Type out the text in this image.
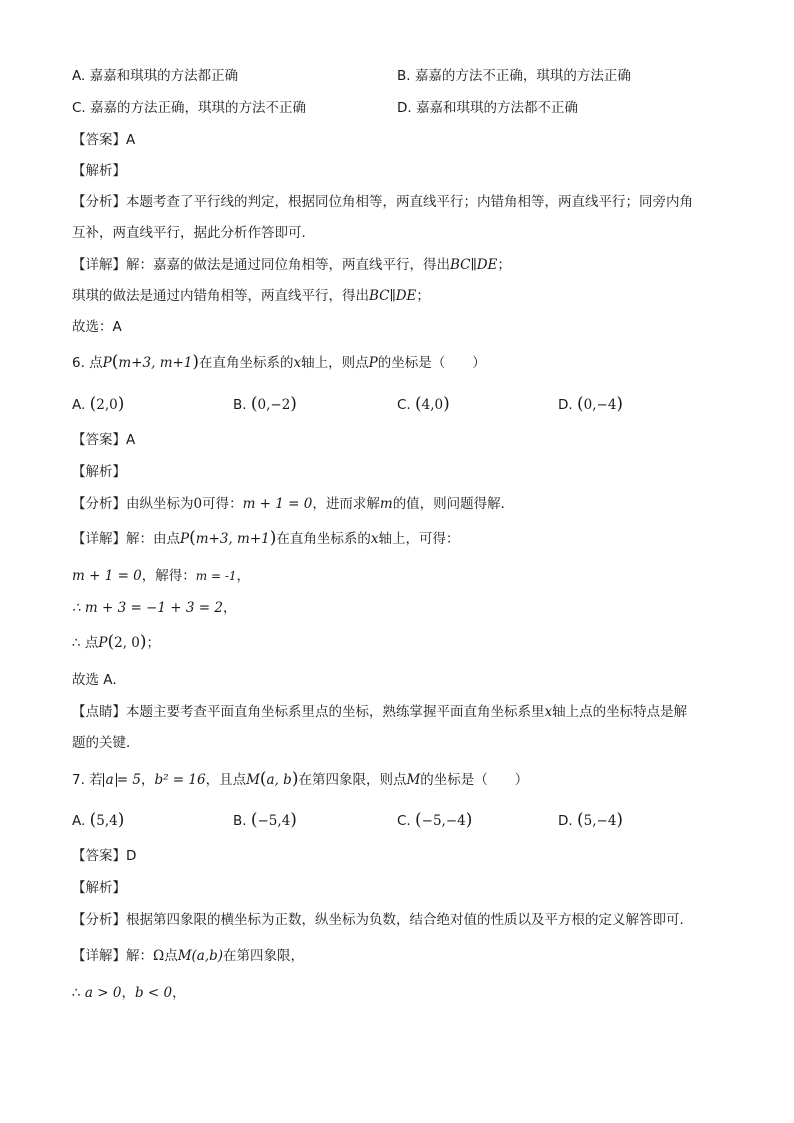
A. 嘉嘉和琪琪的方法都正确	B. 嘉嘉的方法不正确，琪琪的方法正确
C. 嘉嘉的方法正确，琪琪的方法不正确	D. 嘉嘉和琪琪的方法都不正确
【答案】A
【解析】
【分析】本题考查了平行线的判定，根据同位角相等，两直线平行；内错角相等，两直线平行；同旁内角
互补，两直线平行，据此分析作答即可．
【详解】解：嘉嘉的做法是通过同位角相等，两直线平行，得出BC∥DE；
琪琪的做法是通过内错角相等，两直线平行，得出BC∥DE；
故选：A
6. 点P(m+3, m+1)在直角坐标系的x轴上，则点P的坐标是（　　）
A. (2,0)	B. (0,−2)	C. (4,0)	D. (0,−4)
【答案】A
【解析】
【分析】由纵坐标为0可得：m + 1 = 0，进而求解m的值，则问题得解．
【详解】解：由点P(m+3, m+1)在直角坐标系的x轴上，可得：
m + 1 = 0，解得：m = -1，
∴ m + 3 = −1 + 3 = 2，
∴ 点P(2, 0)；
故选 A．
【点睛】本题主要考查平面直角坐标系里点的坐标，熟练掌握平面直角坐标系里x轴上点的坐标特点是解
题的关键．
7. 若 a = 5，b² = 16，且点M(a, b)在第四象限，则点M的坐标是（　　）
A. (5,4)	B. (−5,4)	C. (−5,−4)	D. (5,−4)
【答案】D
【解析】
【分析】根据第四象限的横坐标为正数，纵坐标为负数，结合绝对值的性质以及平方根的定义解答即可．
【详解】解：Ω点M(a,b)在第四象限，
∴ a > 0，b < 0，
